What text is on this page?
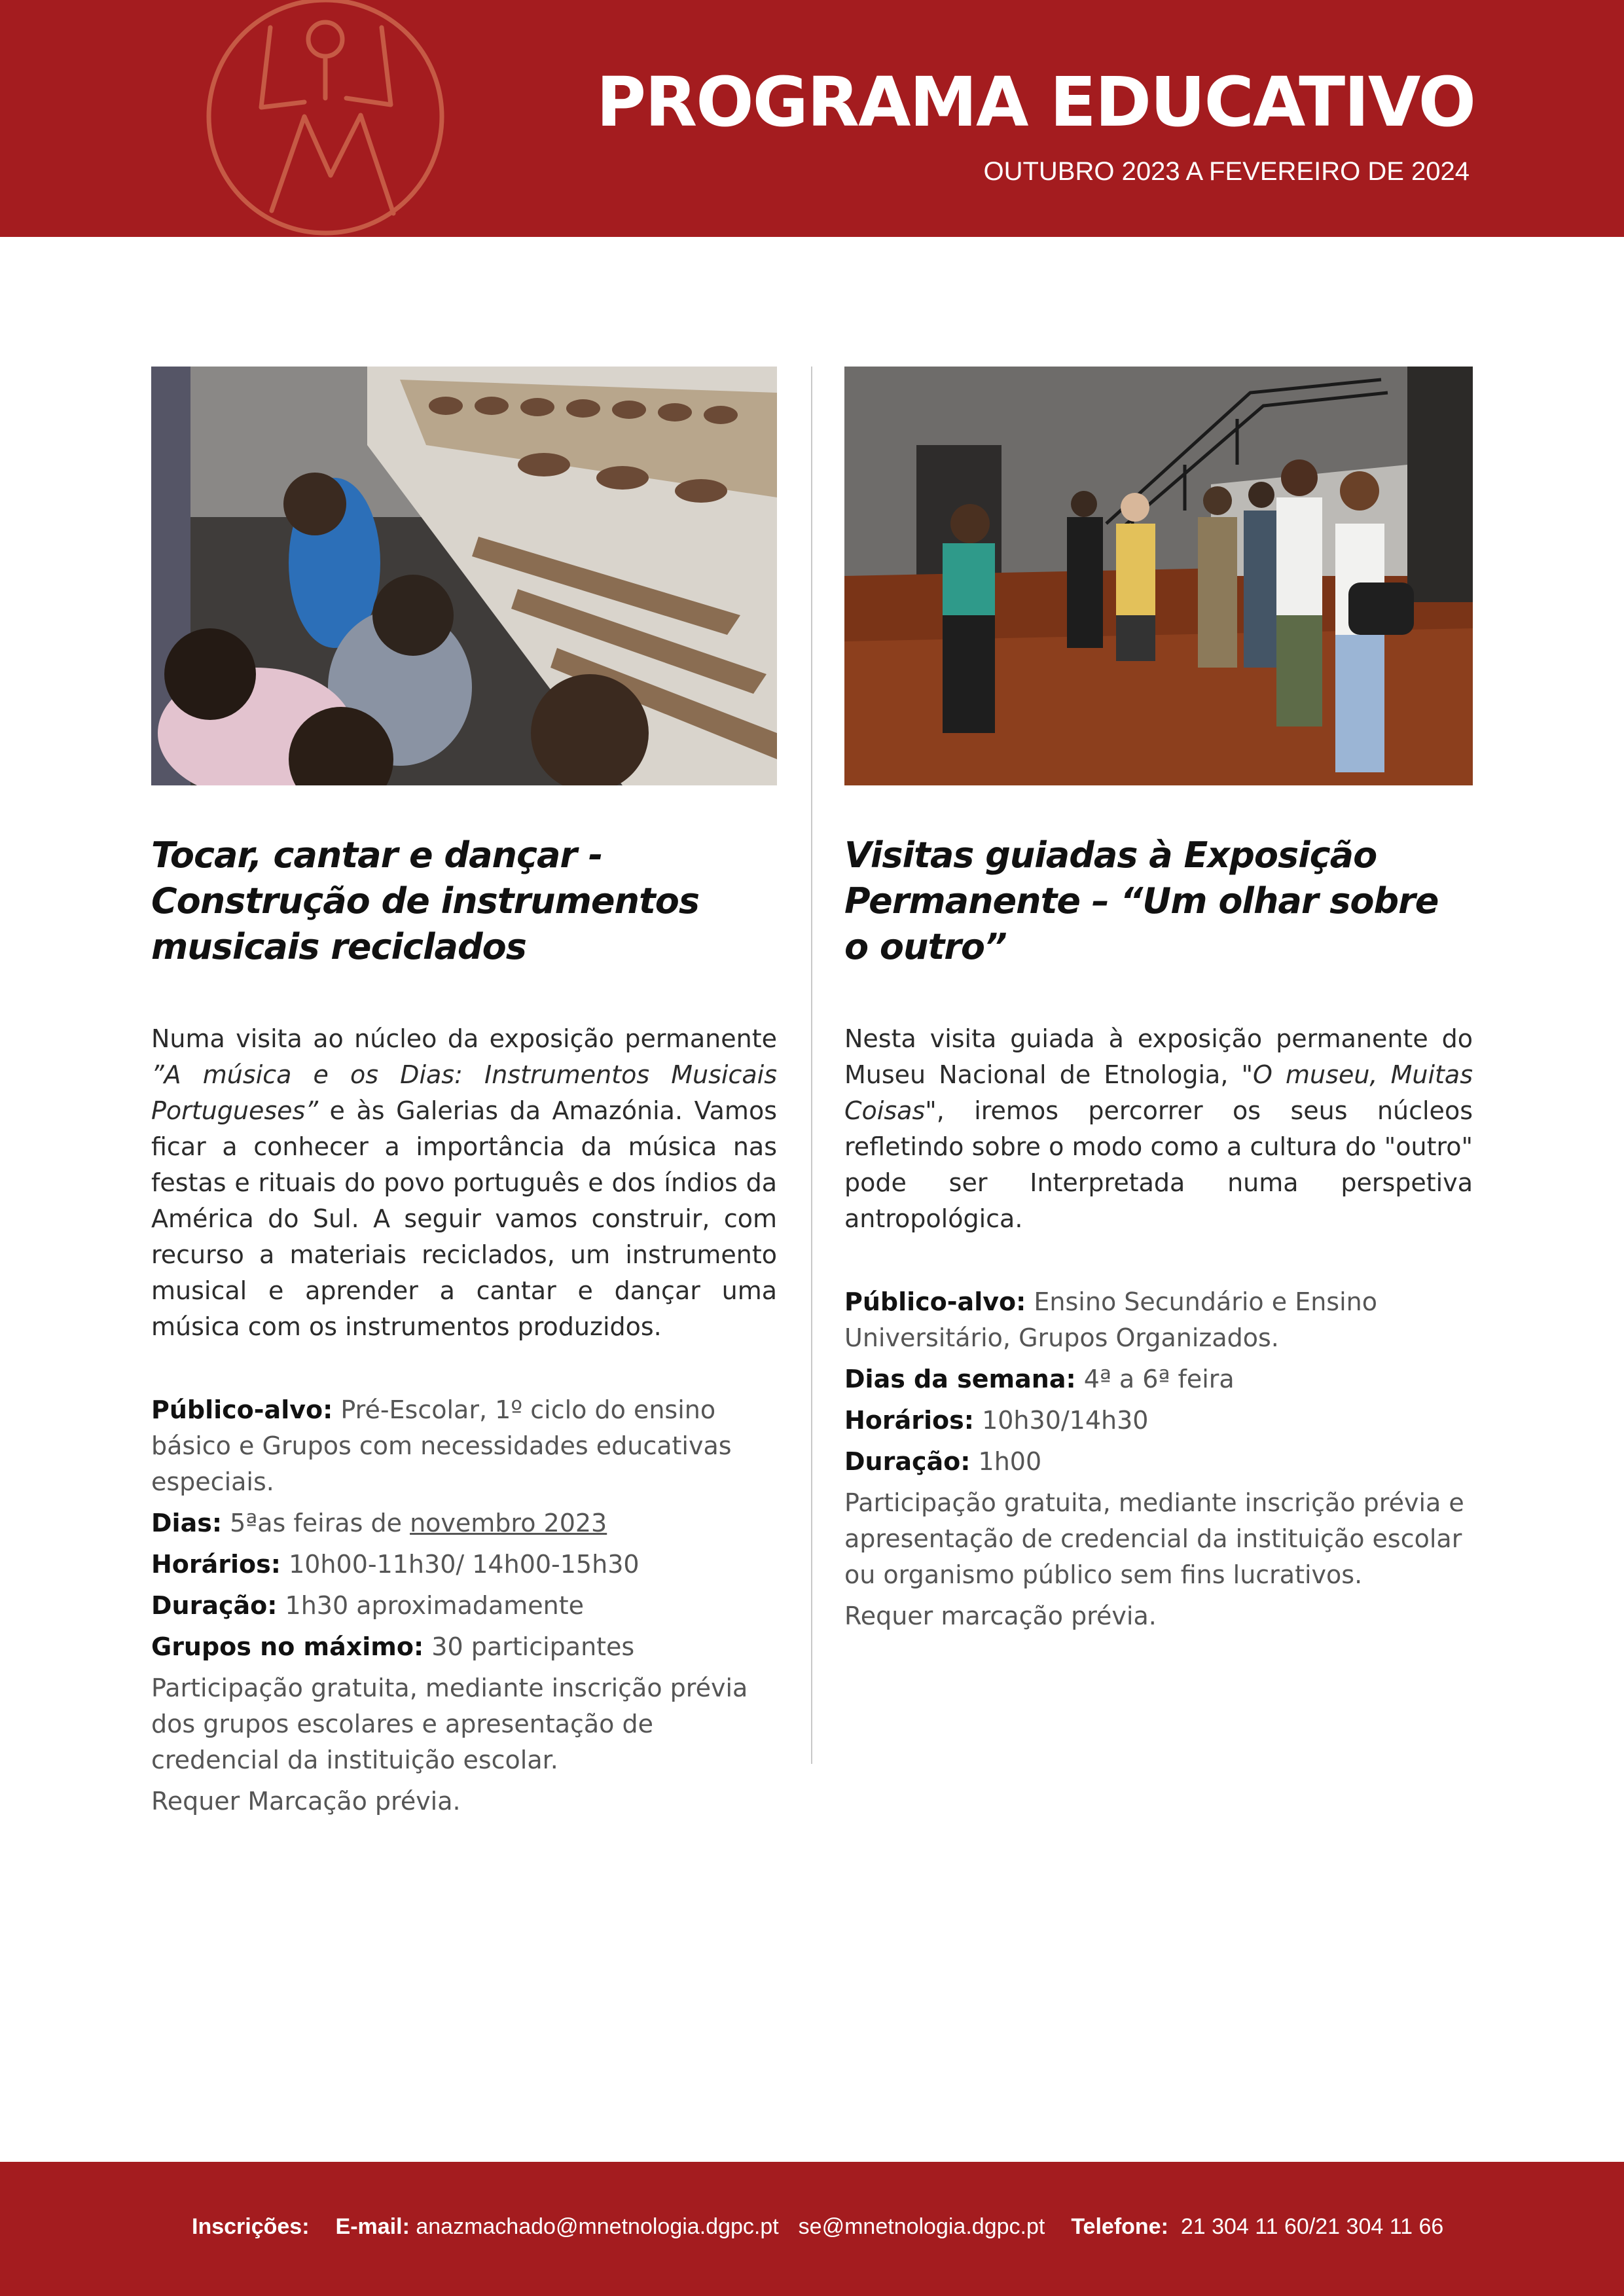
PROGRAMA EDUCATIVO
OUTUBRO 2023 A FEVEREIRO DE 2024
Tocar, cantar e dançar - Construção de instrumentos musicais reciclados

Numa visita ao núcleo da exposição permanente ”A música e os Dias: Instrumentos Musicais Portugueses” e às Galerias da Amazónia. Vamos ficar a conhecer a importância da música nas festas e rituais do povo português e dos índios da América do Sul. A seguir vamos construir, com recurso a materiais reciclados, um instrumento musical e aprender a cantar e dançar uma música com os instrumentos produzidos.

Público-alvo: Pré-Escolar, 1º ciclo do ensino básico e Grupos com necessidades educativas especiais.
Dias: 5ªas feiras de novembro 2023
Horários: 10h00-11h30/ 14h00-15h30
Duração: 1h30 aproximadamente
Grupos no máximo: 30 participantes
Participação gratuita, mediante inscrição prévia dos grupos escolares e apresentação de credencial da instituição escolar.
Requer Marcação prévia.
Visitas guiadas à Exposição Permanente – “Um olhar sobre o outro”

Nesta visita guiada à exposição permanente do Museu Nacional de Etnologia, "O museu, Muitas Coisas", iremos percorrer os seus núcleos refletindo sobre o modo como a cultura do "outro" pode ser Interpretada numa perspetiva antropológica.

Público-alvo: Ensino Secundário e Ensino Universitário, Grupos Organizados.
Dias da semana: 4ª a 6ª feira
Horários: 10h30/14h30
Duração: 1h00
Participação gratuita, mediante inscrição prévia e apresentação de credencial da instituição escolar ou organismo público sem fins lucrativos.
Requer marcação prévia.
Inscrições: E-mail: anazmachado@mnetnologia.dgpc.pt se@mnetnologia.dgpc.pt Telefone: 21 304 11 60/21 304 11 66
